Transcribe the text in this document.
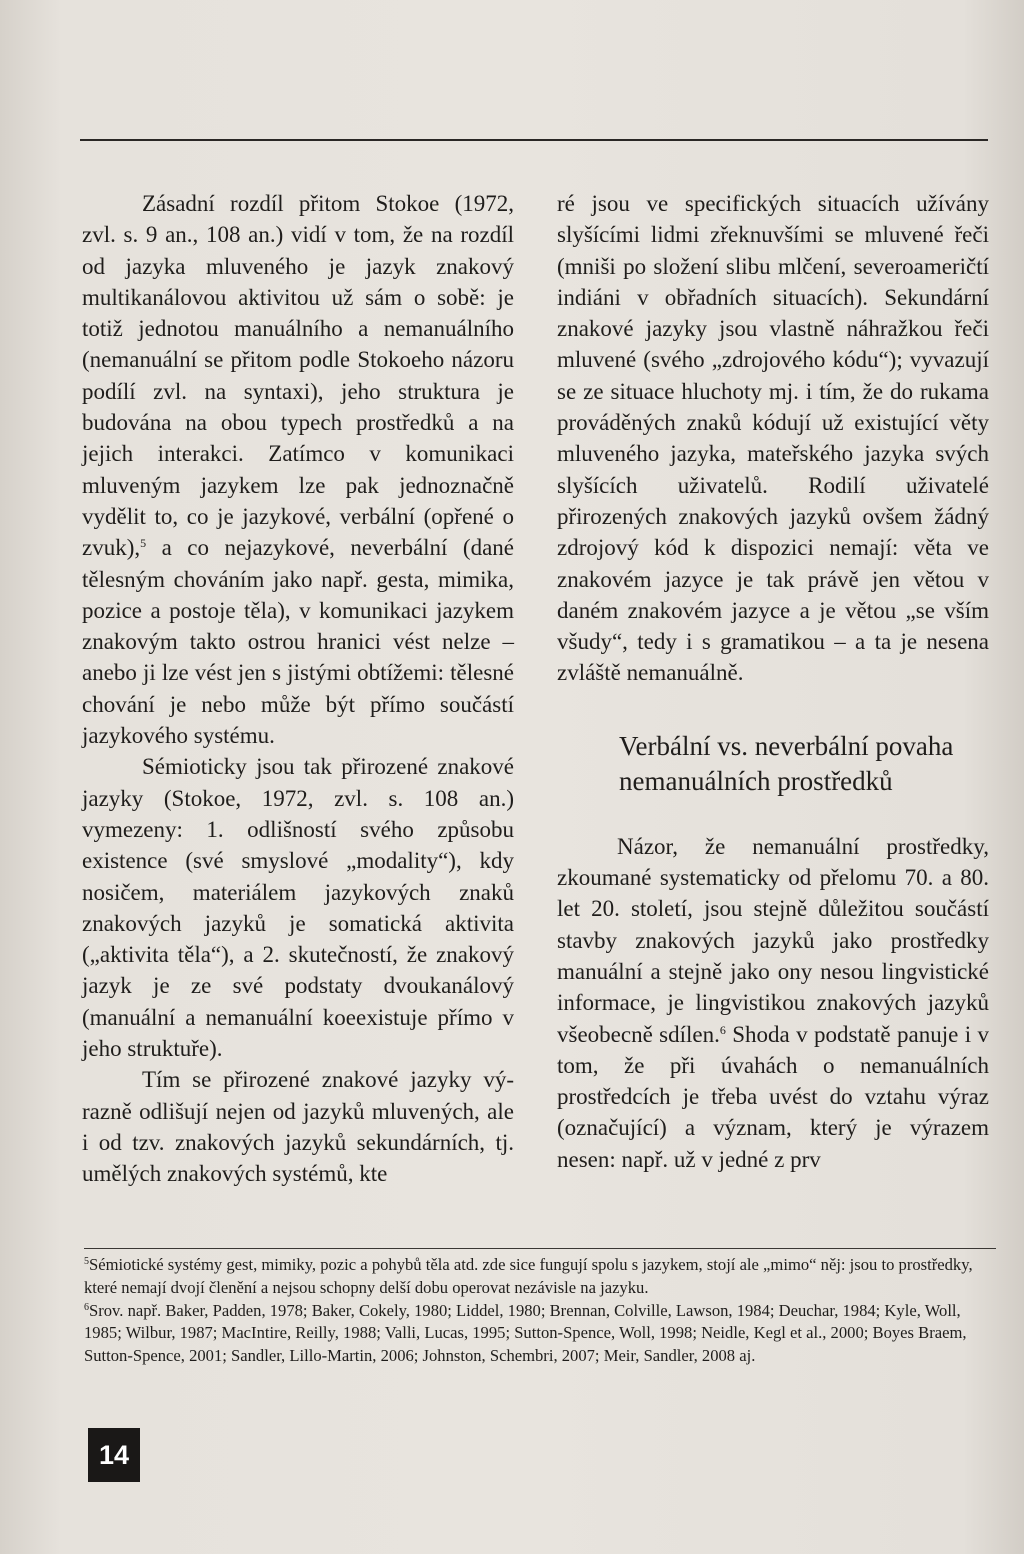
Zásadní rozdíl přitom Stokoe (1972, zvl. s. 9 an., 108 an.) vidí v tom, že na rozdíl od jazyka mluveného je jazyk znakový multikanálovou aktivitou už sám o sobě: je totiž jednotou manuálního a nemanuálního (nemanuální se přitom podle Stokoeho názoru podílí zvl. na syntaxi), jeho struktura je budována na obou typech prostředků a na jejich interakci. Zatímco v komunikaci mluveným jazykem lze pak jednoznačně vydělit to, co je jazykové, verbální (opřené o zvuk),$^5$ a co nejazykové, neverbální (dané tělesným chováním jako např. gesta, mimika, pozice a postoje těla), v komunikaci jazykem znakovým takto ostrou hranici vést nelze – anebo ji lze vést jen s jistými obtížemi: tělesné chování je nebo může být přímo součástí jazykového systému.

Sémioticky jsou tak přirozené znakové jazyky (Stokoe, 1972, zvl. s. 108 an.) vymezeny: 1. odlišností svého způsobu existence (své smyslové „modality“), kdy nosičem, materiálem jazykových znaků znakových jazyků je somatická aktivita („aktivita těla“), a 2. skutečností, že znakový jazyk je ze své podstaty dvoukanálový (manuální a nemanuální koeexistuje přímo v jeho struktuře).

Tím se přirozené znakové jazyky výrazně odlišují nejen od jazyků mluvených, ale i od tzv. znakových jazyků sekundárních, tj. umělých znakových systémů, kte

ré jsou ve specifických situacích užívány slyšícími lidmi zřeknuvšími se mluvené řeči (mniši po složení slibu mlčení, severoameričtí indiáni v obřadních situacích). Sekundární znakové jazyky jsou vlastně náhražkou řeči mluvené (svého „zdrojového kódu“); vyvazují se ze situace hluchoty mj. i tím, že do rukama prováděných znaků kódují už existující věty mluveného jazyka, mateřského jazyka svých slyšících uživatelů. Rodilí uživatelé přirozených znakových jazyků ovšem žádný zdrojový kód k dispozici nemají: věta ve znakovém jazyce je tak právě jen větou v daném znakovém jazyce a je větou „se vším všudy“, tedy i s gramatikou – a ta je nesena zvláště nemanuálně.

Verbální vs. neverbální povaha nemanuálních prostředků

Názor, že nemanuální prostředky, zkoumané systematicky od přelomu 70. a 80. let 20. století, jsou stejně důležitou součástí stavby znakových jazyků jako prostředky manuální a stejně jako ony nesou lingvistické informace, je lingvistikou znakových jazyků všeobecně sdílen.$^6$ Shoda v podstatě panuje i v tom, že při úvahách o nemanuálních prostředcích je třeba uvést do vztahu výraz (označující) a význam, který je výrazem nesen: např. už v jedné z prv

$^5$Sémiotické systémy gest, mimiky, pozic a pohybů těla atd. zde sice fungují spolu s jazykem, stojí ale „mimo“ něj: jsou to prostředky, které nemají dvojí členění a nejsou schopny delší dobu operovat nezávisle na jazyku.

$^6$Srov. např. Baker, Padden, 1978; Baker, Cokely, 1980; Liddel, 1980; Brennan, Colville, Lawson, 1984; Deuchar, 1984; Kyle, Woll, 1985; Wilbur, 1987; MacIntire, Reilly, 1988; Valli, Lucas, 1995; Sutton-Spence, Woll, 1998; Neidle, Kegl et al., 2000; Boyes Braem, Sutton-Spence, 2001; Sandler, Lillo-Martin, 2006; Johnston, Schembri, 2007; Meir, Sandler, 2008 aj.

14
